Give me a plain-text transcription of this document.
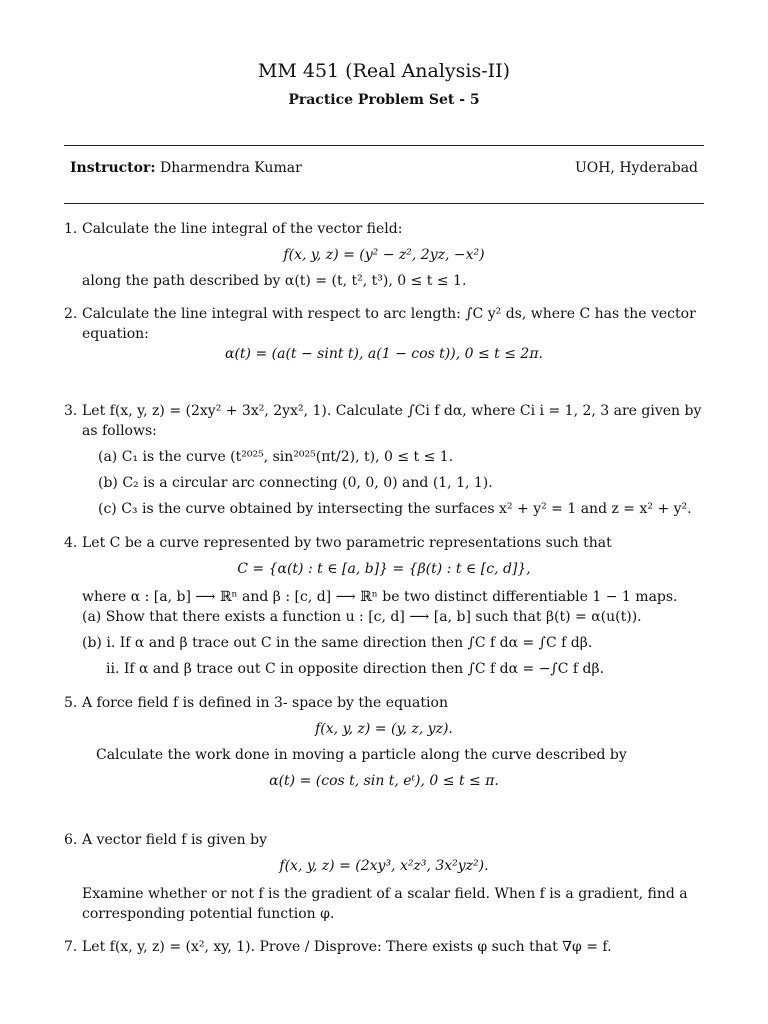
MM 451 (Real Analysis-II)
Practice Problem Set - 5
Instructor: Dharmendra Kumar	UOH, Hyderabad
1. Calculate the line integral of the vector field:
f(x, y, z) = (y² − z², 2yz, −x²)
along the path described by α(t) = (t, t², t³), 0 ≤ t ≤ 1.
2. Calculate the line integral with respect to arc length: ∫C y² ds, where C has the vector
equation:
α(t) = (a(t − sint t), a(1 − cos t)), 0 ≤ t ≤ 2π.
3. Let f(x, y, z) = (2xy² + 3x², 2yx², 1). Calculate ∫Ci f dα, where Ci i = 1, 2, 3 are given by
as follows:
(a) C₁ is the curve (t²⁰²⁵, sin²⁰²⁵(πt/2), t), 0 ≤ t ≤ 1.
(b) C₂ is a circular arc connecting (0, 0, 0) and (1, 1, 1).
(c) C₃ is the curve obtained by intersecting the surfaces x² + y² = 1 and z = x² + y².
4. Let C be a curve represented by two parametric representations such that
C = {α(t) : t ∈ [a, b]} = {β(t) : t ∈ [c, d]},
where α : [a, b] ⟶ ℝⁿ and β : [c, d] ⟶ ℝⁿ be two distinct differentiable 1 − 1 maps.
(a) Show that there exists a function u : [c, d] ⟶ [a, b] such that β(t) = α(u(t)).
(b) i. If α and β trace out C in the same direction then ∫C f dα = ∫C f dβ.
ii. If α and β trace out C in opposite direction then ∫C f dα = −∫C f dβ.
5. A force field f is defined in 3- space by the equation
f(x, y, z) = (y, z, yz).
Calculate the work done in moving a particle along the curve described by
α(t) = (cos t, sin t, eᵗ), 0 ≤ t ≤ π.
6. A vector field f is given by
f(x, y, z) = (2xy³, x²z³, 3x²yz²).
Examine whether or not f is the gradient of a scalar field. When f is a gradient, find a
corresponding potential function φ.
7. Let f(x, y, z) = (x², xy, 1). Prove / Disprove: There exists φ such that ∇φ = f.
